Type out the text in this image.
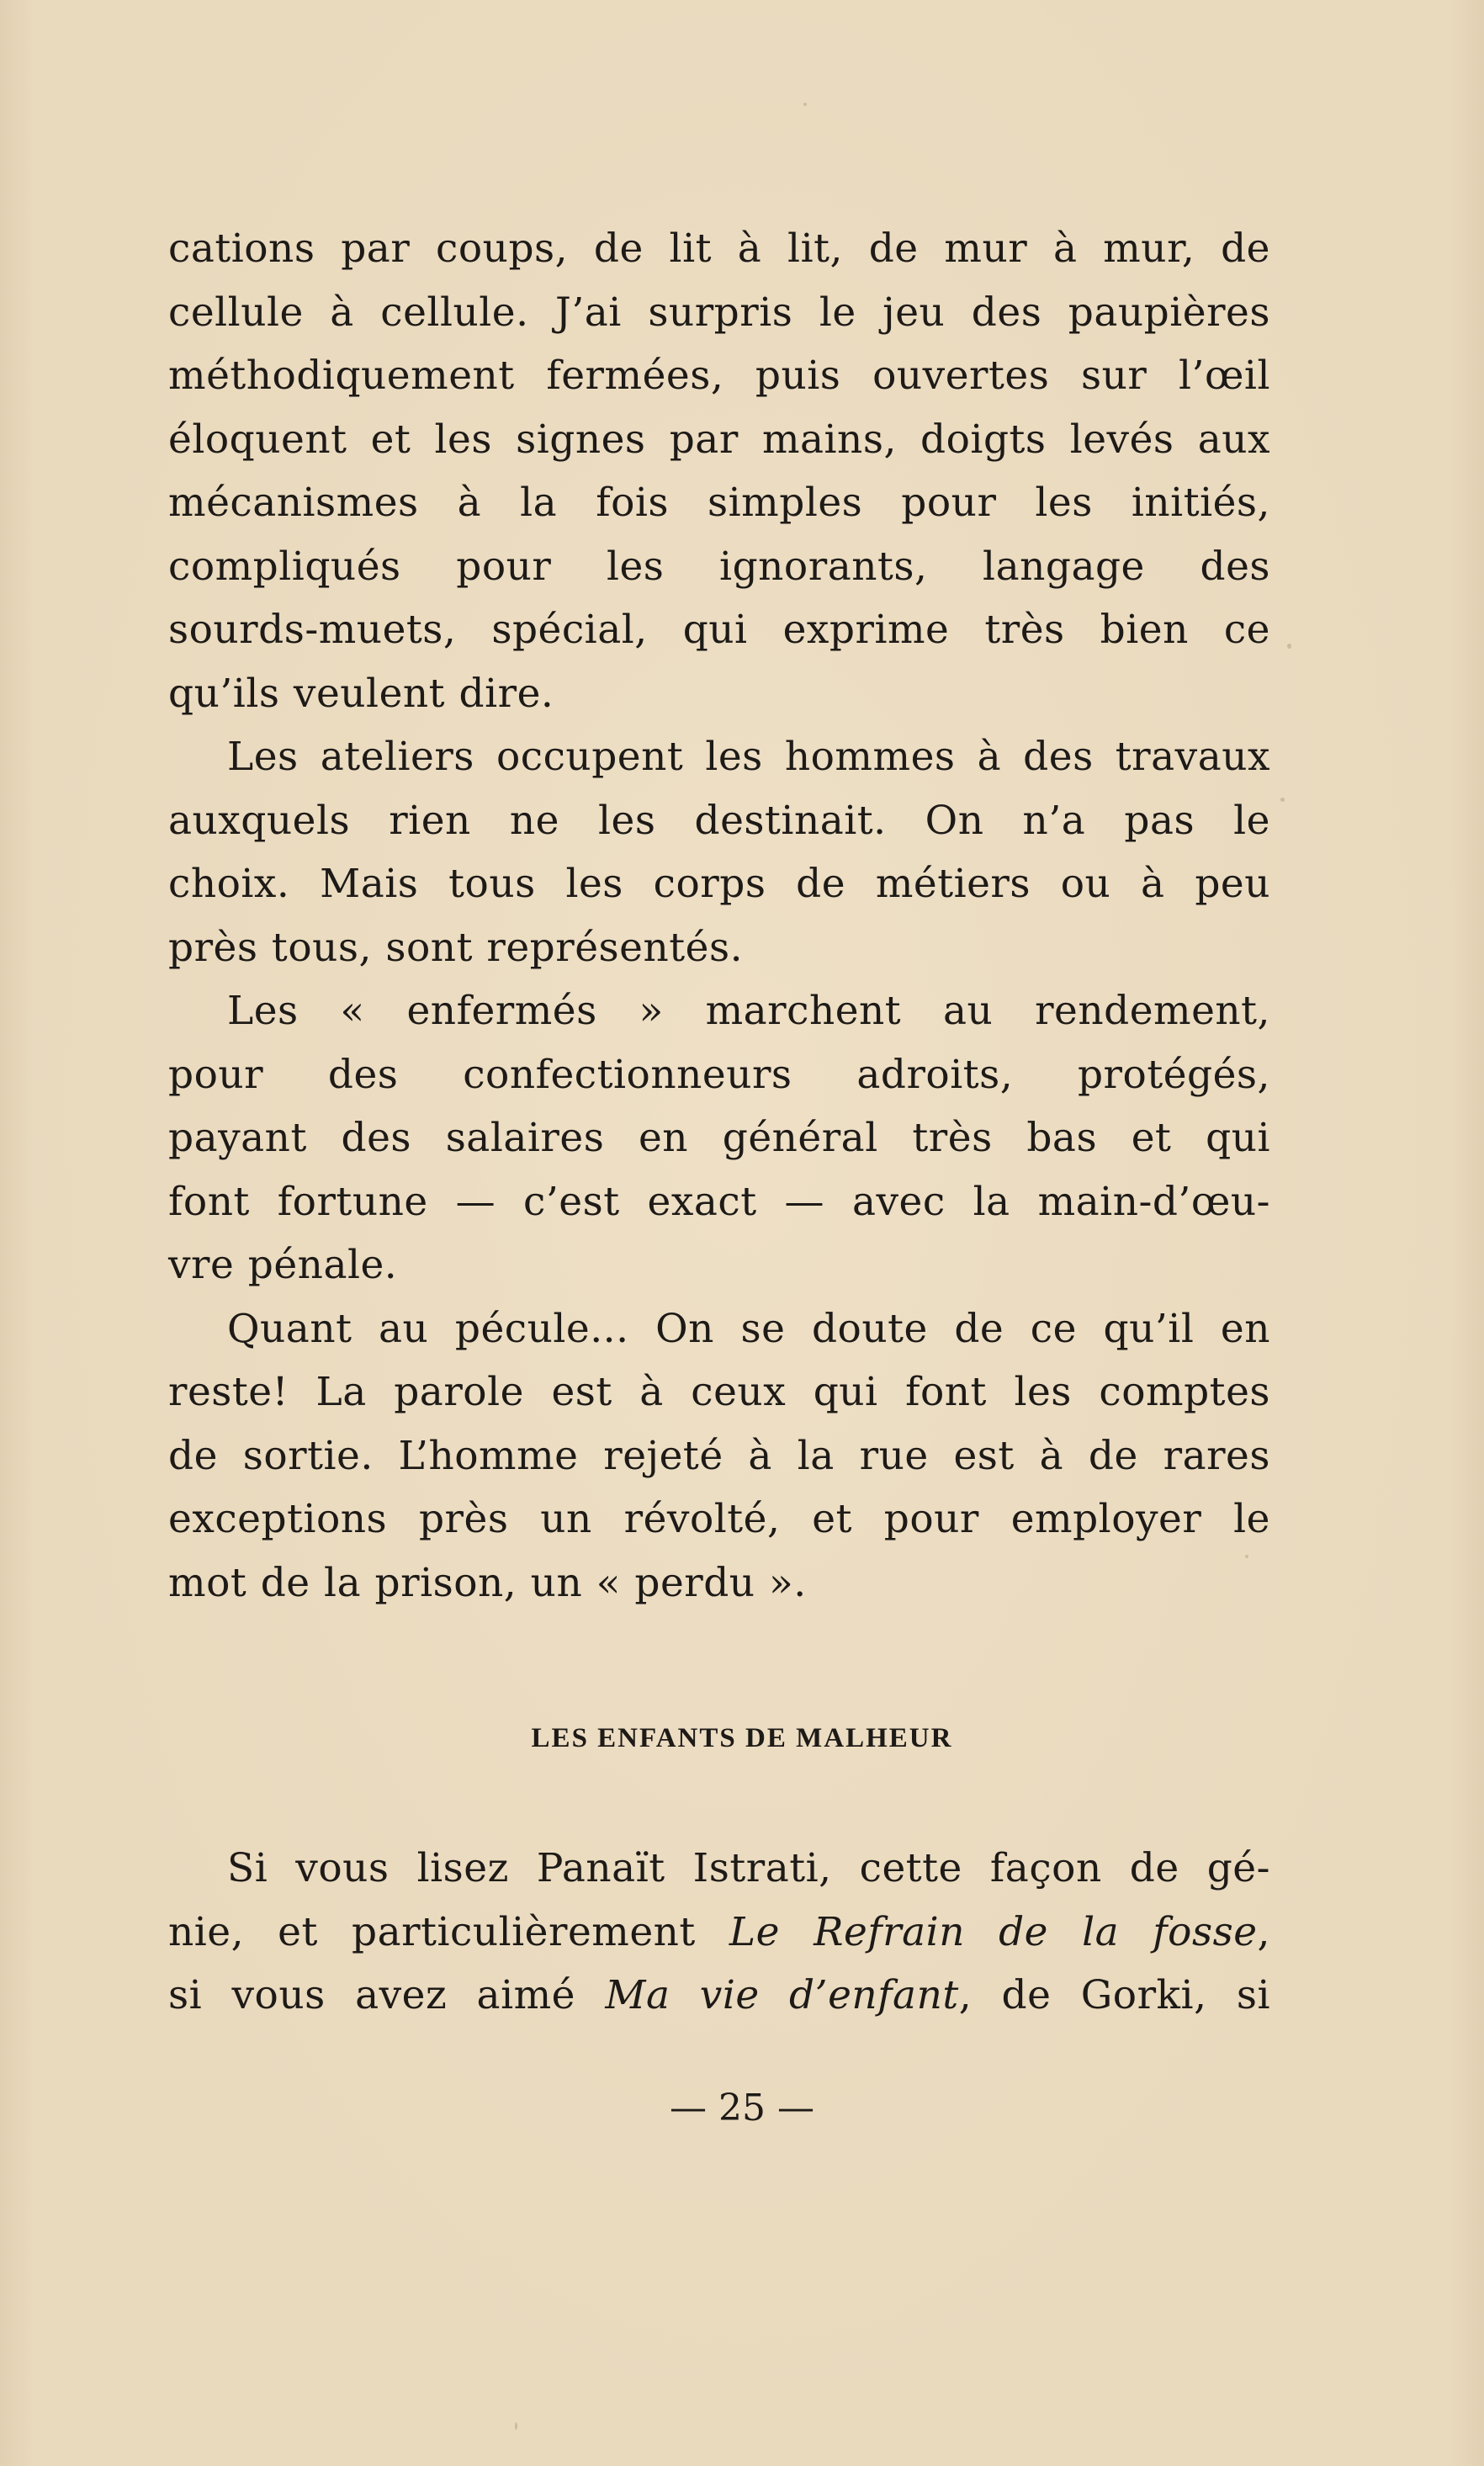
cations par coups, de lit à lit, de mur à mur, de
cellule à cellule. J’ai surpris le jeu des paupières
méthodiquement fermées, puis ouvertes sur l’œil
éloquent et les signes par mains, doigts levés aux
mécanismes à la fois simples pour les initiés,
compliqués pour les ignorants, langage des
sourds-muets, spécial, qui exprime très bien ce
qu’ils veulent dire.
Les ateliers occupent les hommes à des travaux
auxquels rien ne les destinait. On n’a pas le
choix. Mais tous les corps de métiers ou à peu
près tous, sont représentés.
Les « enfermés » marchent au rendement,
pour des confectionneurs adroits, protégés,
payant des salaires en général très bas et qui
font fortune — c’est exact — avec la main-d’œu-
vre pénale.
Quant au pécule... On se doute de ce qu’il en
reste! La parole est à ceux qui font les comptes
de sortie. L’homme rejeté à la rue est à de rares
exceptions près un révolté, et pour employer le
mot de la prison, un « perdu ».
LES ENFANTS DE MALHEUR
Si vous lisez Panaït Istrati, cette façon de gé-
nie, et particulièrement Le Refrain de la fosse,
si vous avez aimé Ma vie d’enfant, de Gorki, si
— 25 —
